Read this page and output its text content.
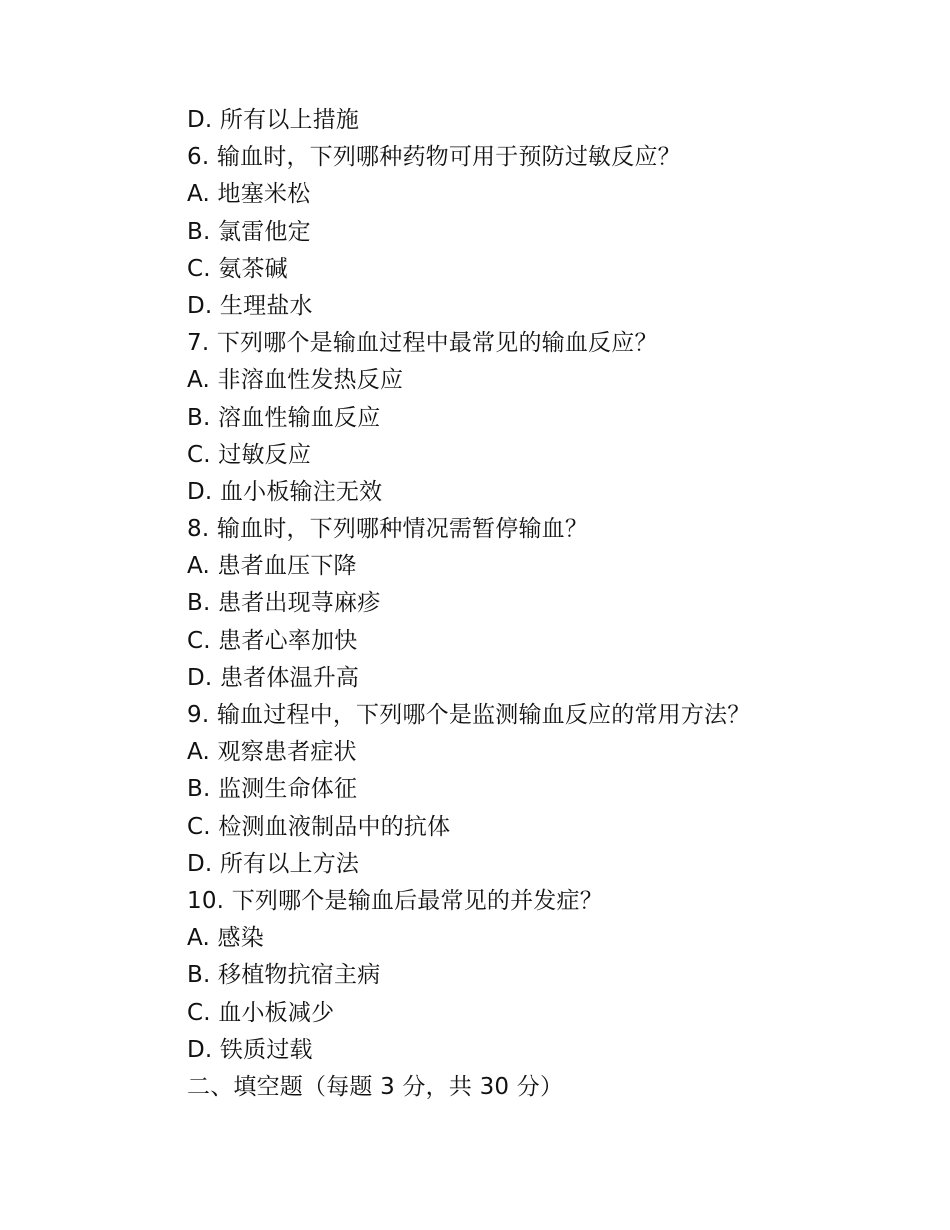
D. 所有以上措施
6. 输血时，下列哪种药物可用于预防过敏反应？
A. 地塞米松
B. 氯雷他定
C. 氨茶碱
D. 生理盐水
7. 下列哪个是输血过程中最常见的输血反应？
A. 非溶血性发热反应
B. 溶血性输血反应
C. 过敏反应
D. 血小板输注无效
8. 输血时，下列哪种情况需暂停输血？
A. 患者血压下降
B. 患者出现荨麻疹
C. 患者心率加快
D. 患者体温升高
9. 输血过程中，下列哪个是监测输血反应的常用方法？
A. 观察患者症状
B. 监测生命体征
C. 检测血液制品中的抗体
D. 所有以上方法
10. 下列哪个是输血后最常见的并发症？
A. 感染
B. 移植物抗宿主病
C. 血小板减少
D. 铁质过载
二、填空题（每题 3 分，共 30 分）
